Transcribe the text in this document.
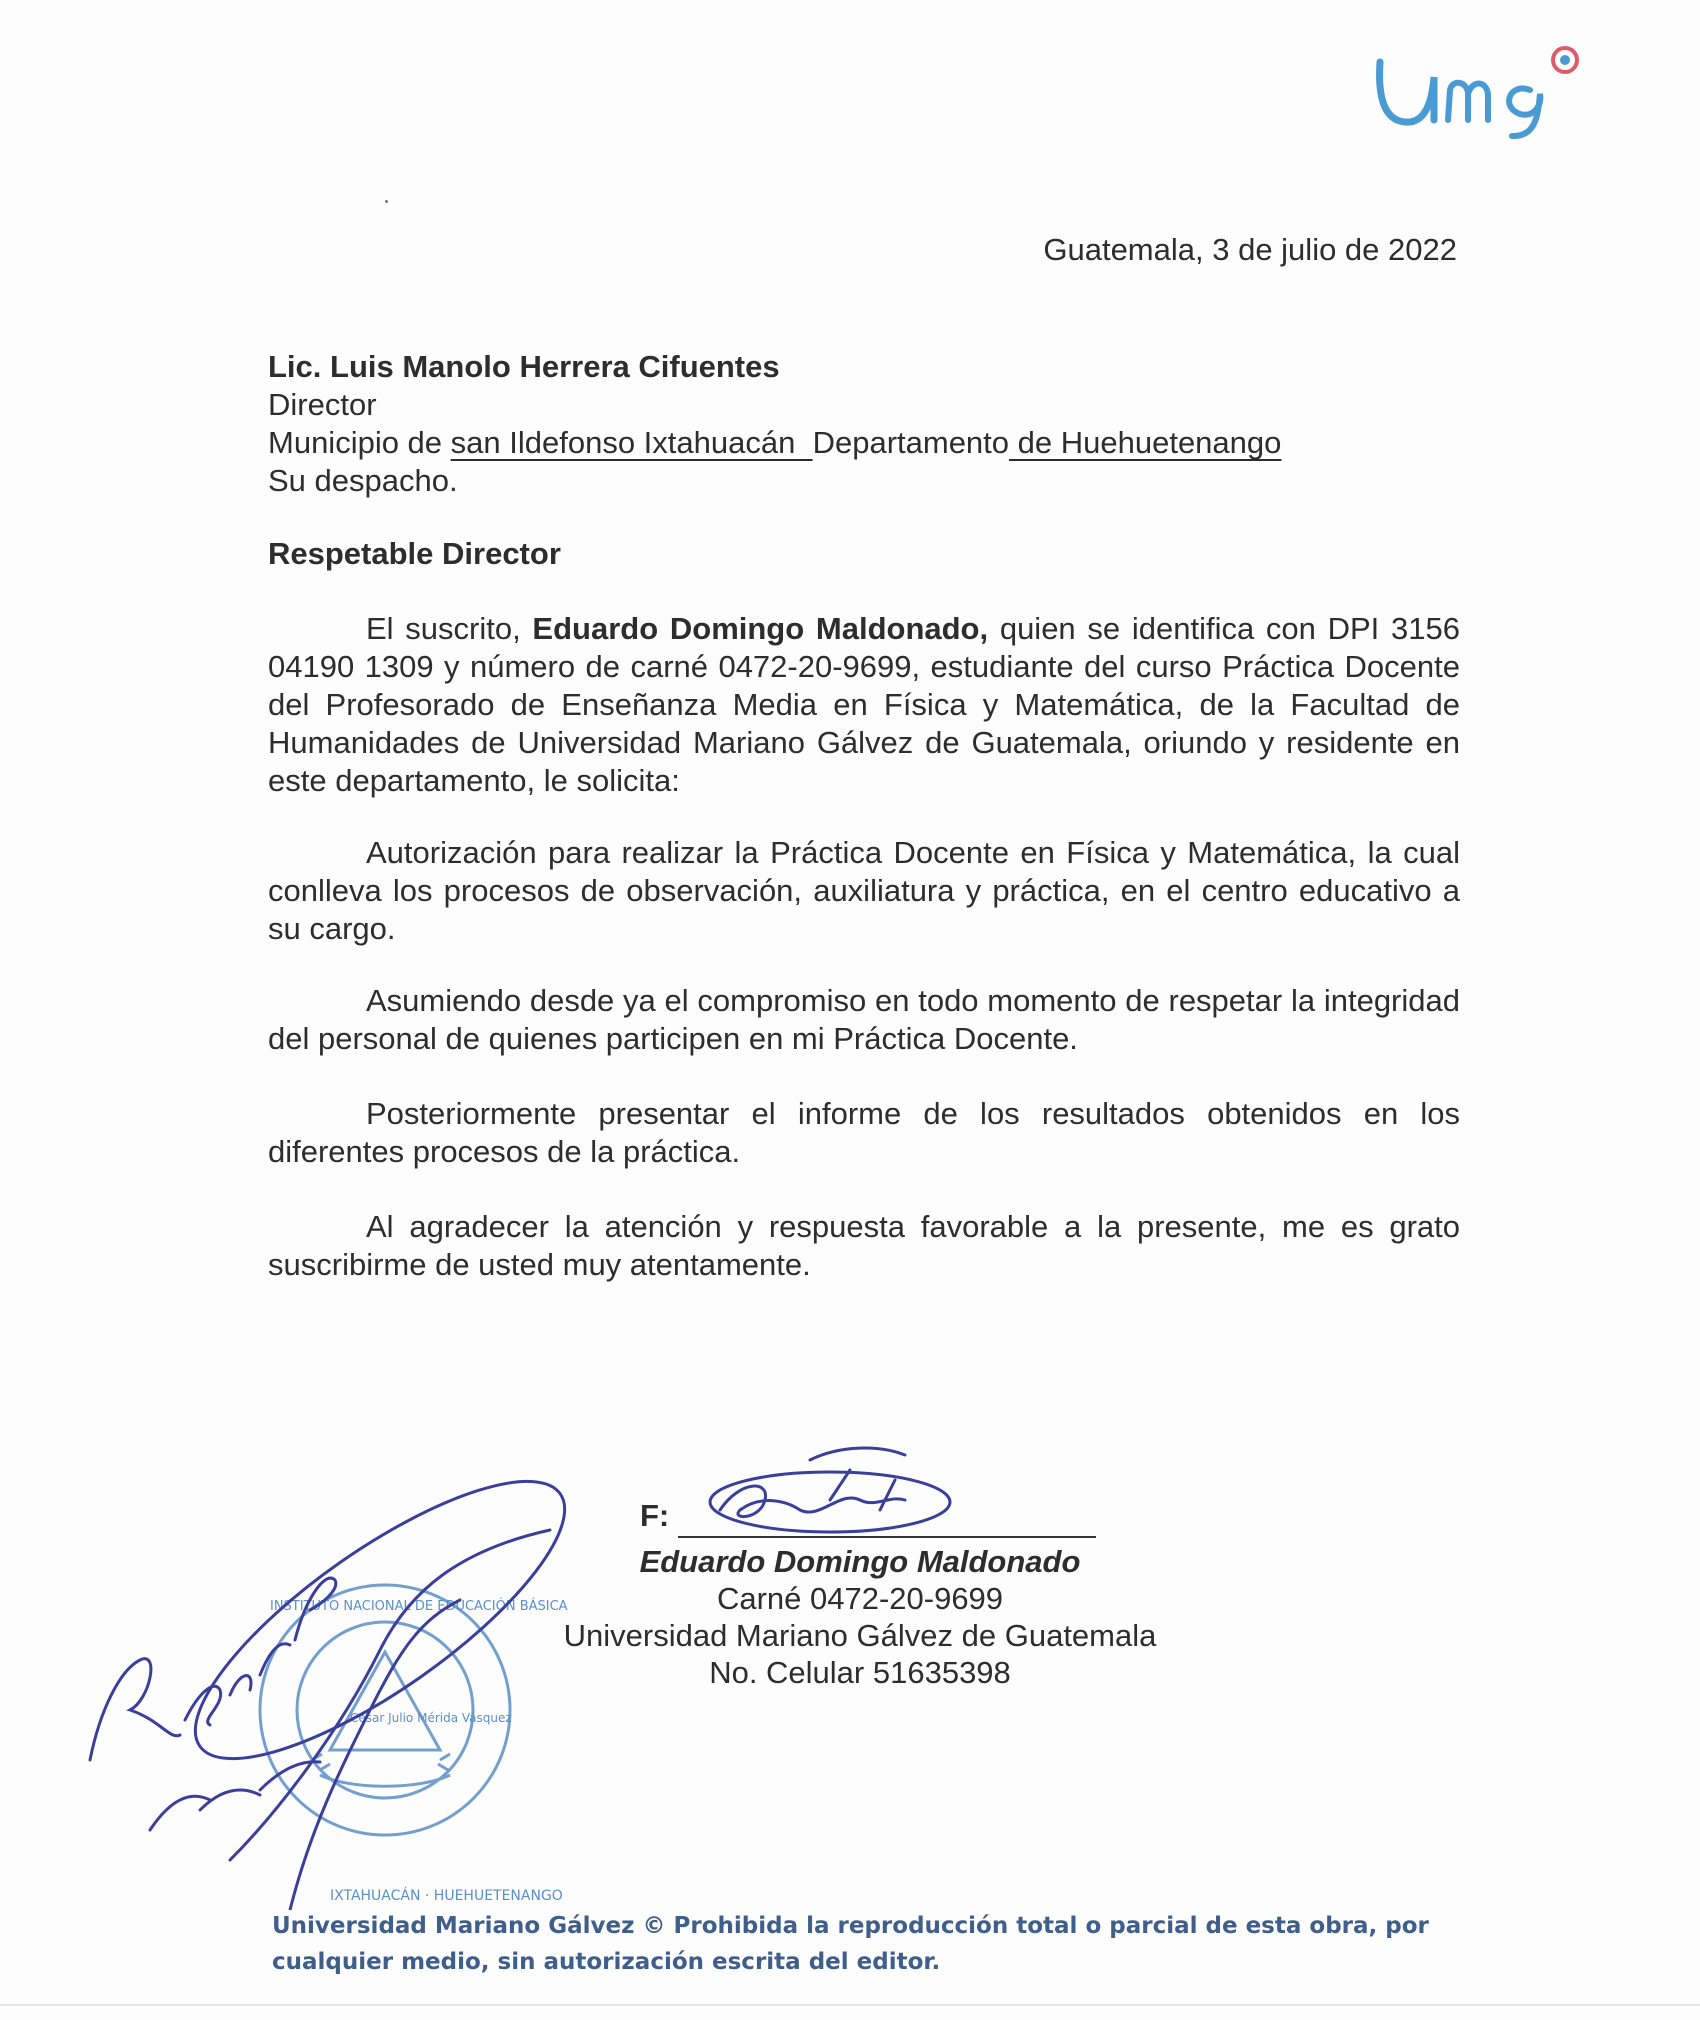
Guatemala, 3 de julio de 2022
Lic. Luis Manolo Herrera Cifuentes
Director
Municipio de san Ildefonso Ixtahuacán  Departamento de Huehuetenango
Su despacho.
Respetable Director

El suscrito, Eduardo Domingo Maldonado, quien se identifica con DPI 3156 04190 1309 y número de carné 0472-20-9699, estudiante del curso Práctica Docente del Profesorado de Enseñanza Media en Física y Matemática, de la Facultad de Humanidades de Universidad Mariano Gálvez de Guatemala, oriundo y residente en este departamento, le solicita:

Autorización para realizar la Práctica Docente en Física y Matemática, la cual conlleva los procesos de observación, auxiliatura y práctica, en el centro educativo a su cargo.

Asumiendo desde ya el compromiso en todo momento de respetar la integridad del personal de quienes participen en mi Práctica Docente.

Posteriormente presentar el informe de los resultados obtenidos en los diferentes procesos de la práctica.

Al agradecer la atención y respuesta favorable a la presente, me es grato suscribirme de usted muy atentamente.

César Julio Mérida Vásquez
IXTAHUACÁN · HUEHUETENANGO
INSTITUTO NACIONAL DE EDUCACIÓN BÁSICA
F:
Eduardo Domingo Maldonado
Carné 0472-20-9699
Universidad Mariano Gálvez de Guatemala
No. Celular 51635398
Universidad Mariano Gálvez © Prohibida la reproducción total o parcial de esta obra, por cualquier medio, sin autorización escrita del editor.
